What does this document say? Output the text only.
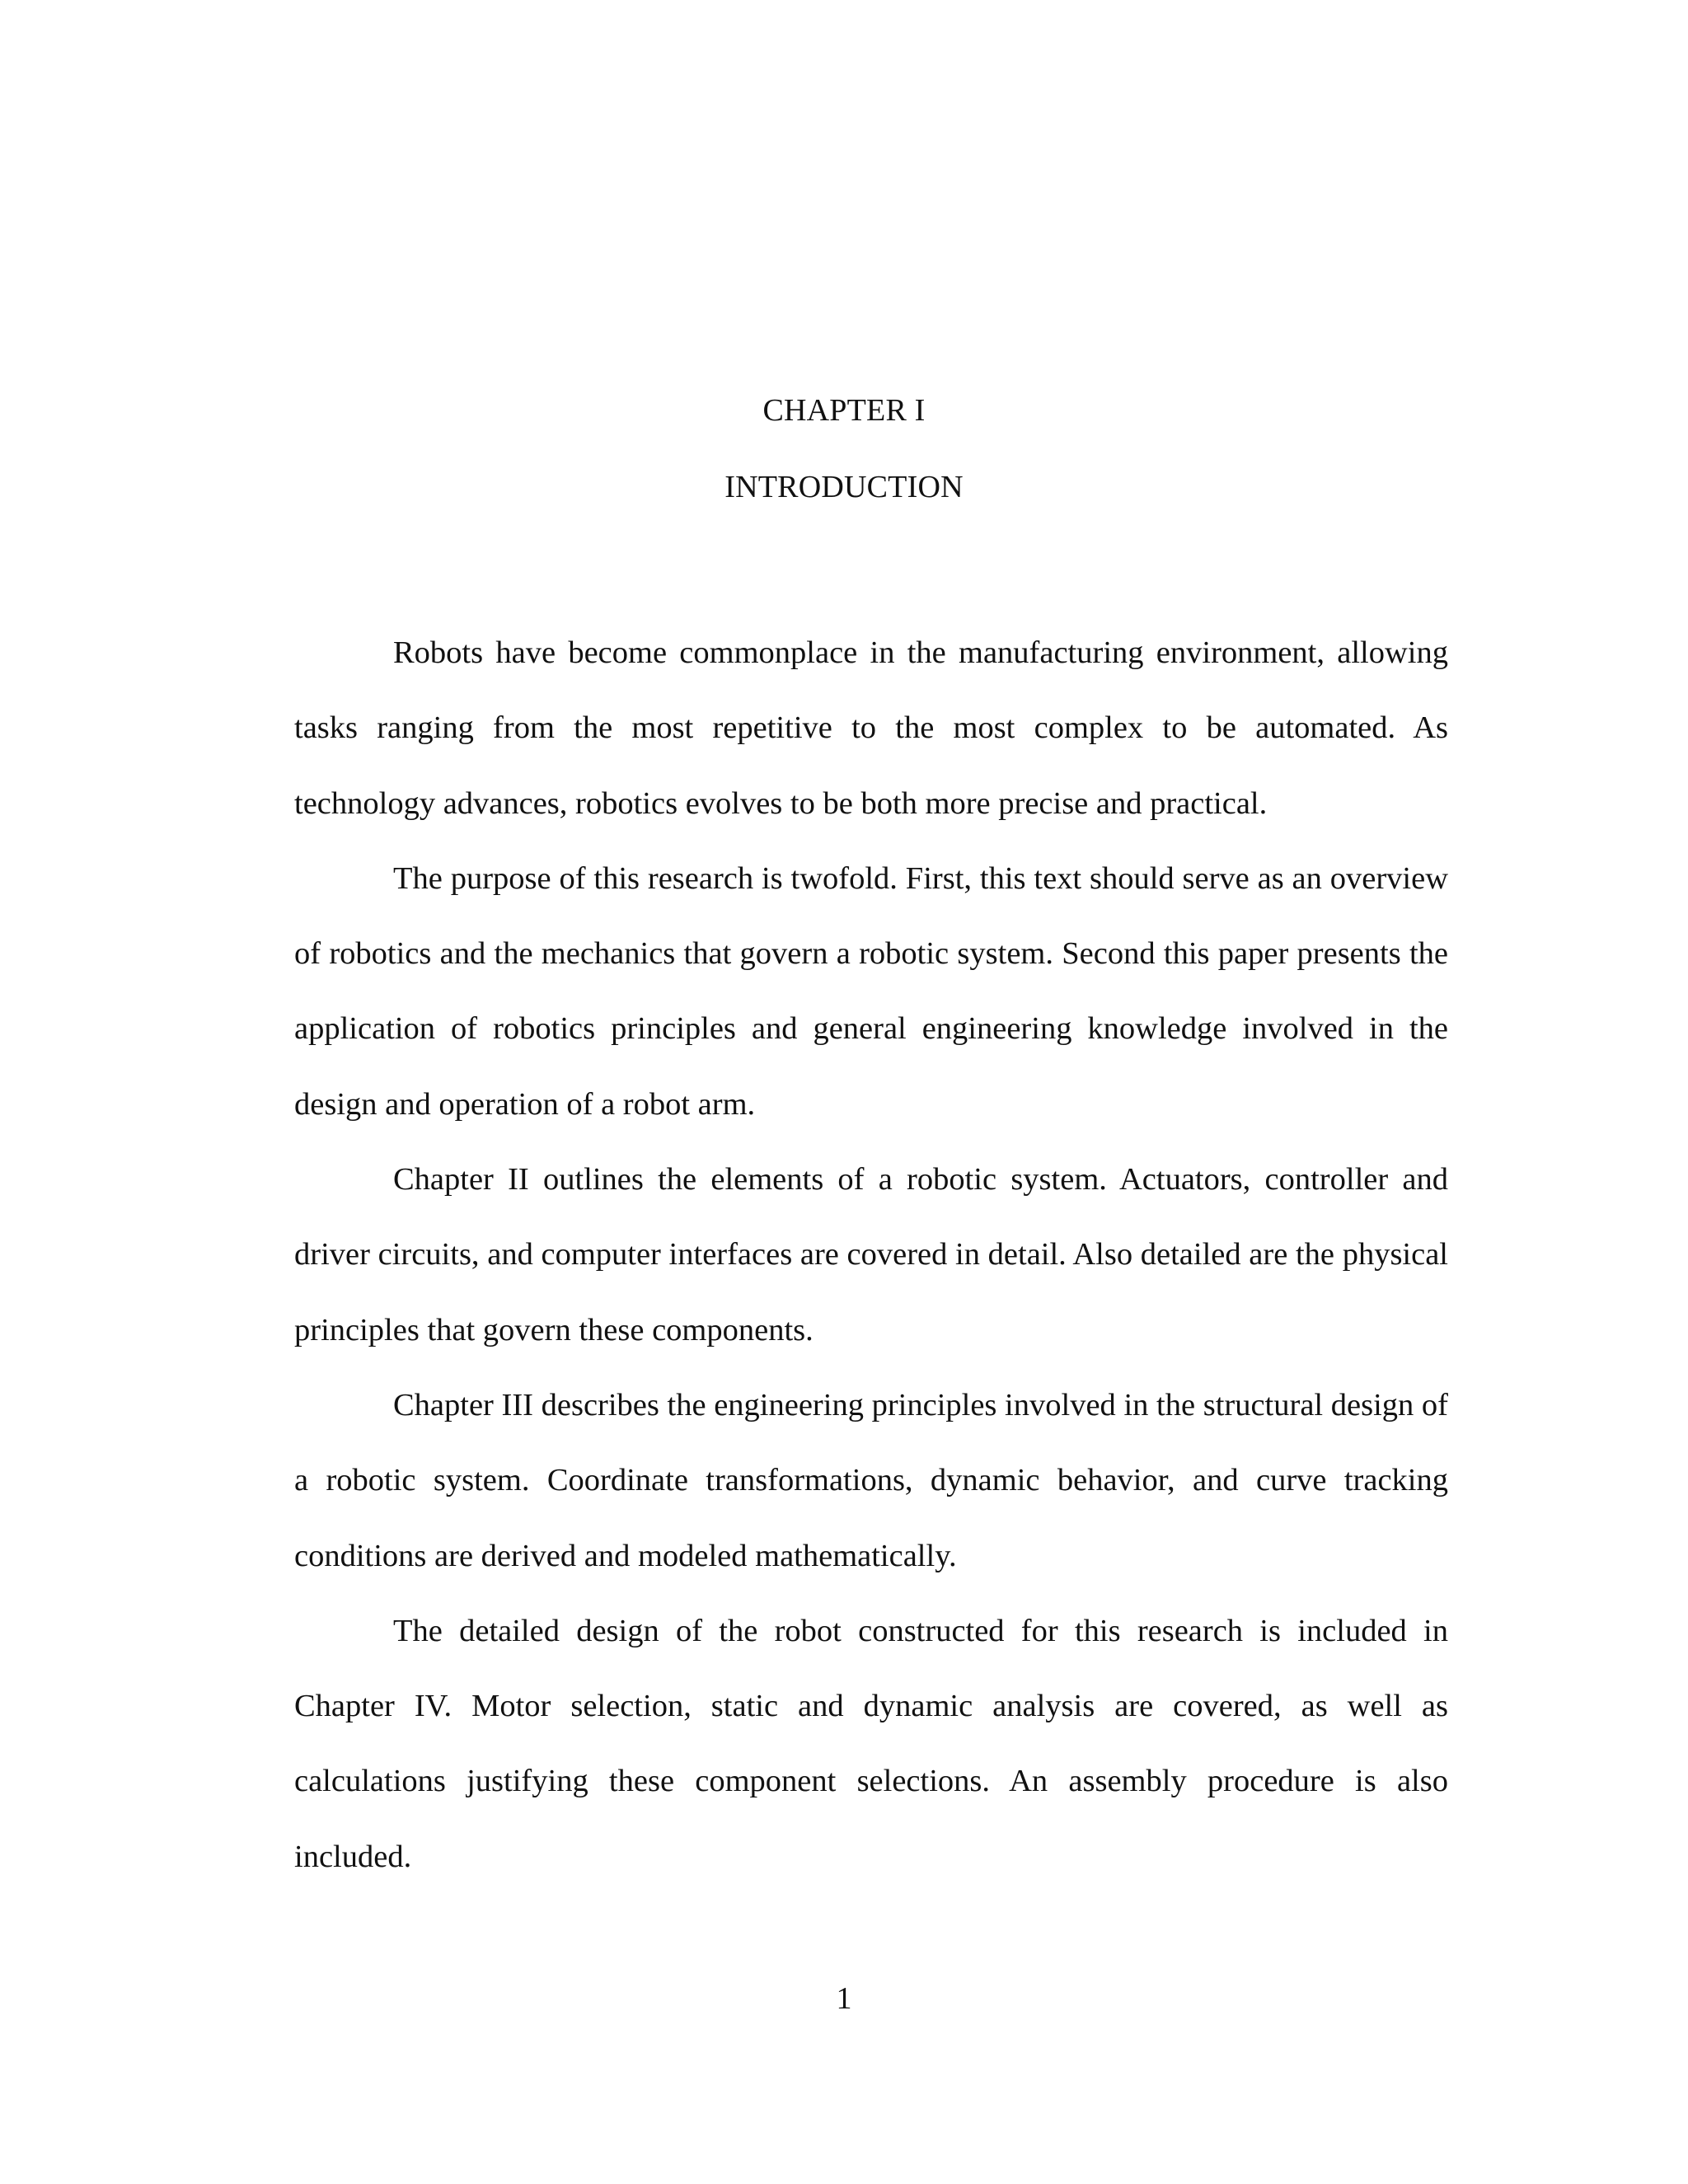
CHAPTER I
INTRODUCTION

Robots have become commonplace in the manufacturing environment, allowing tasks ranging from the most repetitive to the most complex to be automated. As technology advances, robotics evolves to be both more precise and practical.

The purpose of this research is twofold. First, this text should serve as an overview of robotics and the mechanics that govern a robotic system. Second this paper presents the application of robotics principles and general engineering knowledge involved in the design and operation of a robot arm.

Chapter II outlines the elements of a robotic system. Actuators, controller and driver circuits, and computer interfaces are covered in detail. Also detailed are the physical principles that govern these components.

Chapter III describes the engineering principles involved in the structural design of a robotic system. Coordinate transformations, dynamic behavior, and curve tracking conditions are derived and modeled mathematically.

The detailed design of the robot constructed for this research is included in Chapter IV. Motor selection, static and dynamic analysis are covered, as well as calculations justifying these component selections. An assembly procedure is also included.

1
